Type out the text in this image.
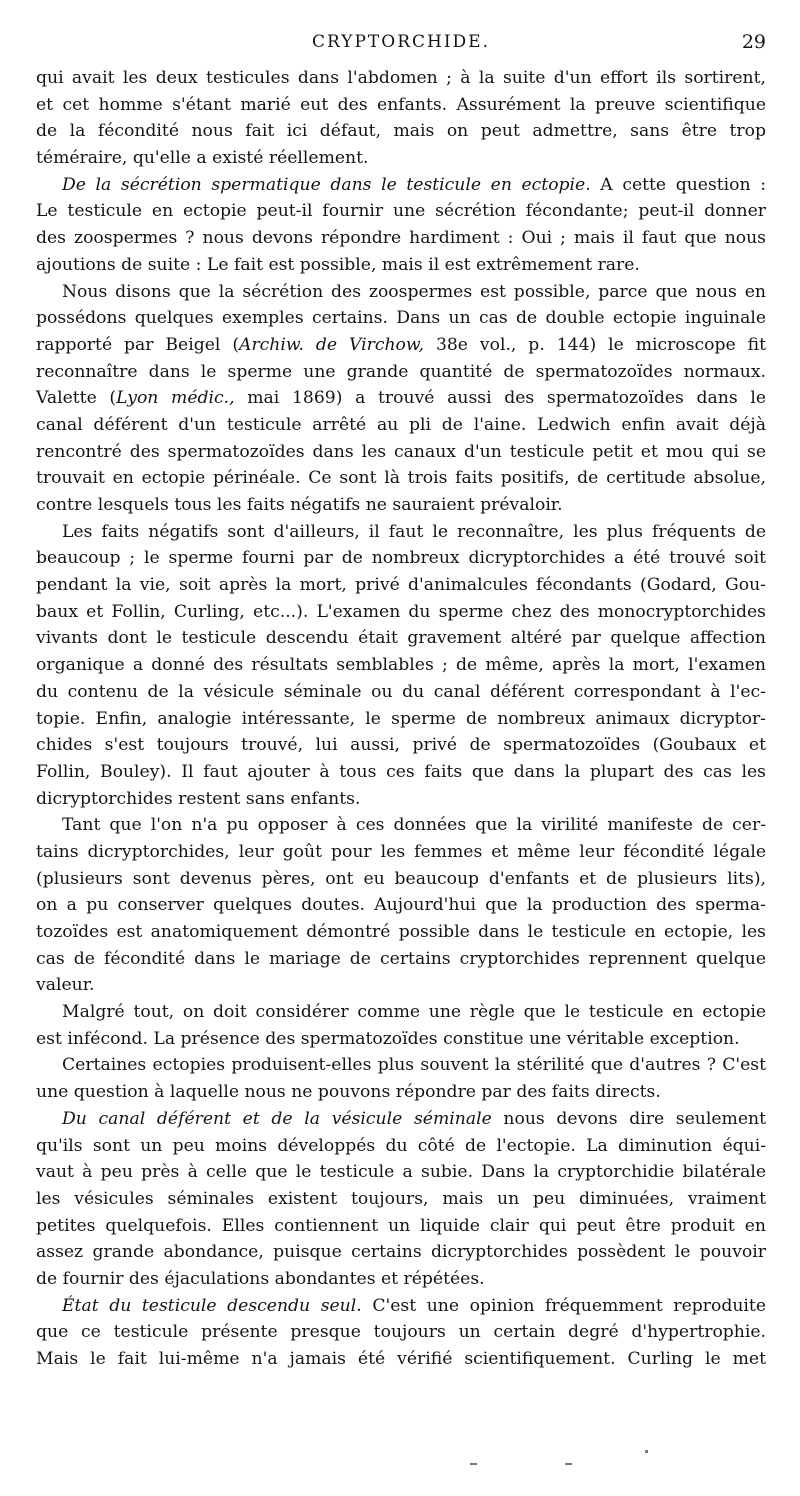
CRYPTORCHIDE.	29
qui avait les deux testicules dans l'abdomen ; à la suite d'un effort ils sortirent,
et cet homme s'étant marié eut des enfants. Assurément la preuve scientifique
de la fécondité nous fait ici défaut, mais on peut admettre, sans être trop
téméraire, qu'elle a existé réellement.
De la sécrétion spermatique dans le testicule en ectopie. A cette question :
Le testicule en ectopie peut-il fournir une sécrétion fécondante; peut-il donner
des zoospermes ? nous devons répondre hardiment : Oui ; mais il faut que nous
ajoutions de suite : Le fait est possible, mais il est extrêmement rare.
Nous disons que la sécrétion des zoospermes est possible, parce que nous en
possédons quelques exemples certains. Dans un cas de double ectopie inguinale
rapporté par Beigel (Archiw. de Virchow, 38e vol., p. 144) le microscope fit
reconnaître dans le sperme une grande quantité de spermatozoïdes normaux.
Valette (Lyon médic., mai 1869) a trouvé aussi des spermatozoïdes dans le
canal déférent d'un testicule arrêté au pli de l'aine. Ledwich enfin avait déjà
rencontré des spermatozoïdes dans les canaux d'un testicule petit et mou qui se
trouvait en ectopie périnéale. Ce sont là trois faits positifs, de certitude absolue,
contre lesquels tous les faits négatifs ne sauraient prévaloir.
Les faits négatifs sont d'ailleurs, il faut le reconnaître, les plus fréquents de
beaucoup ; le sperme fourni par de nombreux dicryptorchides a été trouvé soit
pendant la vie, soit après la mort, privé d'animalcules fécondants (Godard, Gou-
baux et Follin, Curling, etc...). L'examen du sperme chez des monocryptorchides
vivants dont le testicule descendu était gravement altéré par quelque affection
organique a donné des résultats semblables ; de même, après la mort, l'examen
du contenu de la vésicule séminale ou du canal déférent correspondant à l'ec-
topie. Enfin, analogie intéressante, le sperme de nombreux animaux dicryptor-
chides s'est toujours trouvé, lui aussi, privé de spermatozoïdes (Goubaux et
Follin, Bouley). Il faut ajouter à tous ces faits que dans la plupart des cas les
dicryptorchides restent sans enfants.
Tant que l'on n'a pu opposer à ces données que la virilité manifeste de cer-
tains dicryptorchides, leur goût pour les femmes et même leur fécondité légale
(plusieurs sont devenus pères, ont eu beaucoup d'enfants et de plusieurs lits),
on a pu conserver quelques doutes. Aujourd'hui que la production des sperma-
tozoïdes est anatomiquement démontré possible dans le testicule en ectopie, les
cas de fécondité dans le mariage de certains cryptorchides reprennent quelque
valeur.
Malgré tout, on doit considérer comme une règle que le testicule en ectopie
est infécond. La présence des spermatozoïdes constitue une véritable exception.
Certaines ectopies produisent-elles plus souvent la stérilité que d'autres ? C'est
une question à laquelle nous ne pouvons répondre par des faits directs.
Du canal déférent et de la vésicule séminale nous devons dire seulement
qu'ils sont un peu moins développés du côté de l'ectopie. La diminution équi-
vaut à peu près à celle que le testicule a subie. Dans la cryptorchidie bilatérale
les vésicules séminales existent toujours, mais un peu diminuées, vraiment
petites quelquefois. Elles contiennent un liquide clair qui peut être produit en
assez grande abondance, puisque certains dicryptorchides possèdent le pouvoir
de fournir des éjaculations abondantes et répétées.
État du testicule descendu seul. C'est une opinion fréquemment reproduite
que ce testicule présente presque toujours un certain degré d'hypertrophie.
Mais le fait lui-même n'a jamais été vérifié scientifiquement. Curling le met
